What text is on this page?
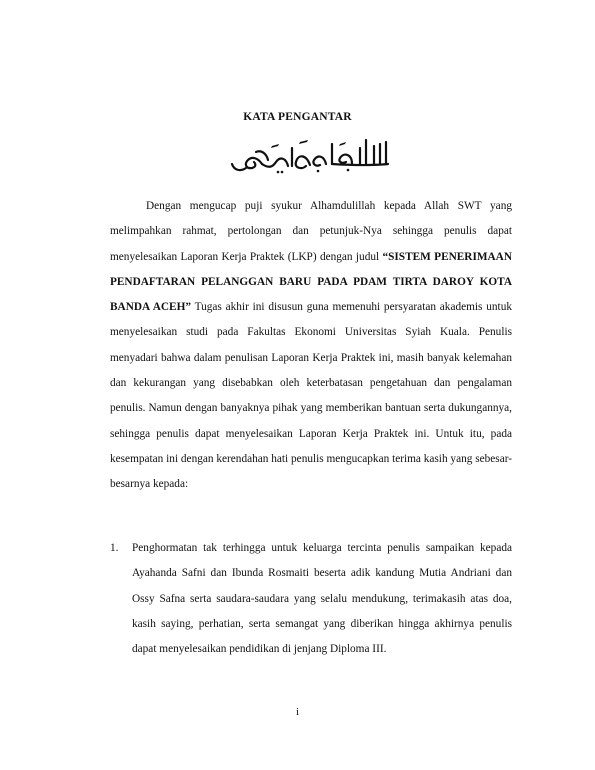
KATA PENGANTAR
Dengan mengucap puji syukur Alhamdulillah kepada Allah SWT yang melimpahkan rahmat, pertolongan dan petunjuk-Nya sehingga penulis dapat menyelesaikan Laporan Kerja Praktek (LKP) dengan judul “SISTEM PENERIMAAN PENDAFTARAN PELANGGAN BARU PADA PDAM TIRTA DAROY KOTA BANDA ACEH” Tugas akhir ini disusun guna memenuhi persyaratan akademis untuk menyelesaikan studi pada Fakultas Ekonomi Universitas Syiah Kuala. Penulis menyadari bahwa dalam penulisan Laporan Kerja Praktek ini, masih banyak kelemahan dan kekurangan yang disebabkan oleh keterbatasan pengetahuan dan pengalaman penulis. Namun dengan banyaknya pihak yang memberikan bantuan serta dukungannya, sehingga penulis dapat menyelesaikan Laporan Kerja Praktek ini. Untuk itu, pada kesempatan ini dengan kerendahan hati penulis mengucapkan terima kasih yang sebesar-besarnya kepada:
1. Penghormatan tak terhingga untuk keluarga tercinta penulis sampaikan kepada Ayahanda Safni dan Ibunda Rosmaiti beserta adik kandung Mutia Andriani dan Ossy Safna serta saudara-saudara yang selalu mendukung, terimakasih atas doa, kasih saying, perhatian, serta semangat yang diberikan hingga akhirnya penulis dapat menyelesaikan pendidikan di jenjang Diploma III.
i
